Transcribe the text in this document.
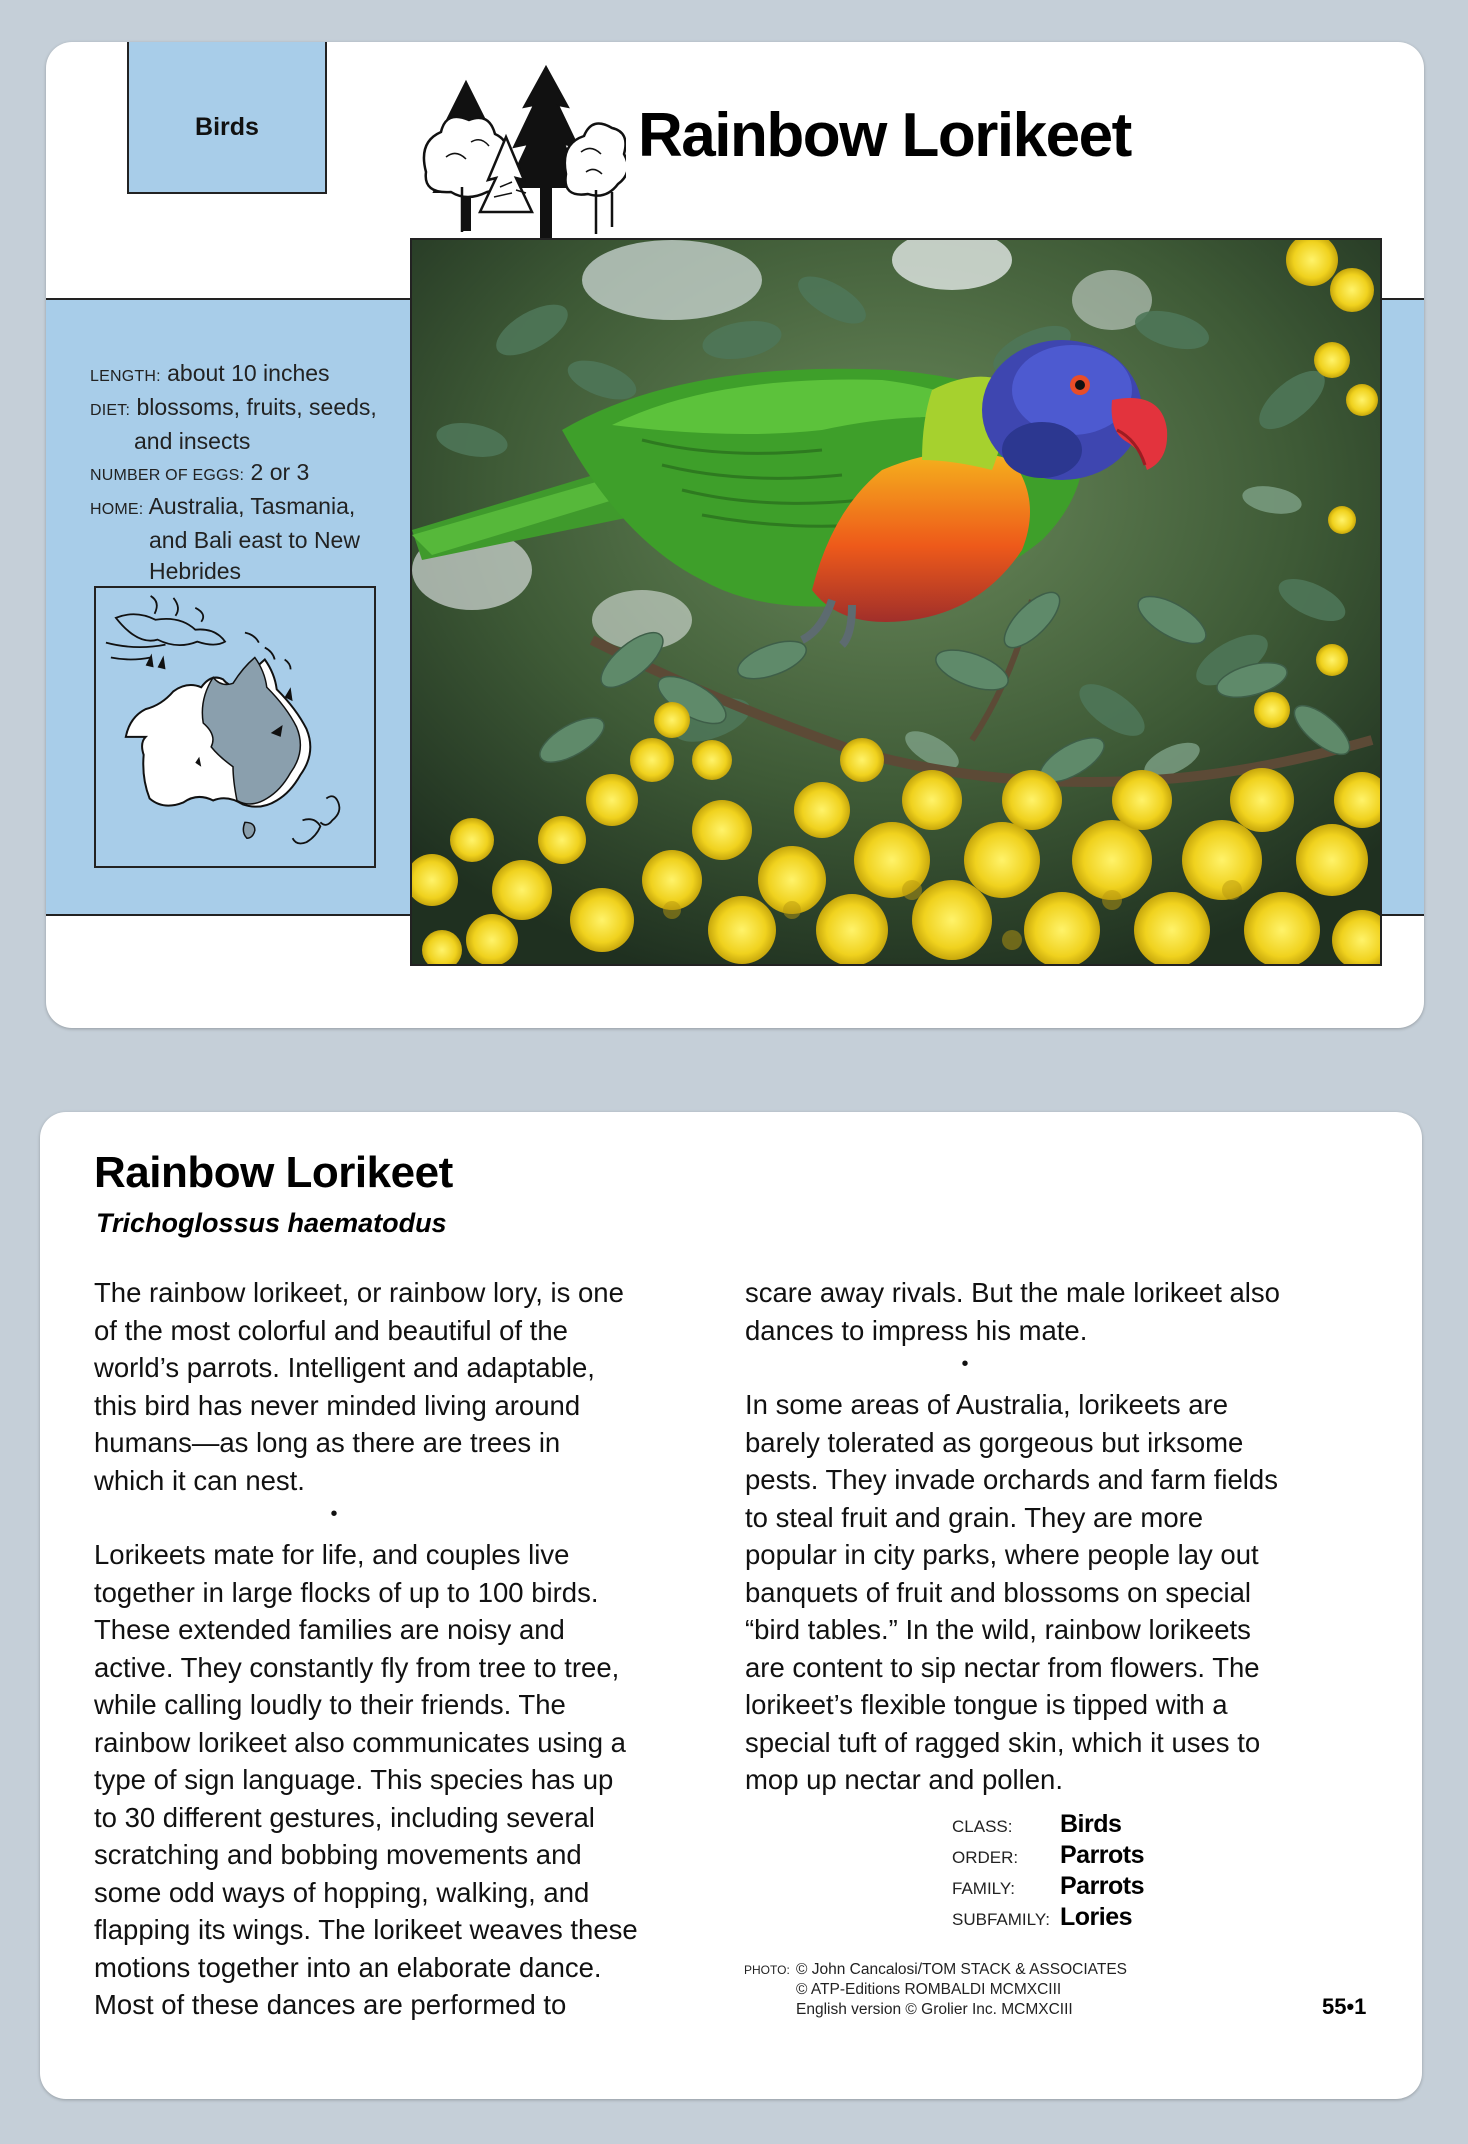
Birds	Rainbow Lorikeet
LENGTH: about 10 inches
DIET: blossoms, fruits, seeds,
and insects
NUMBER OF EGGS: 2 or 3
HOME: Australia, Tasmania,
and Bali east to New
Hebrides
Rainbow Lorikeet
Trichoglossus haematodus

The rainbow lorikeet, or rainbow lory, is one
of the most colorful and beautiful of the
world’s parrots. Intelligent and adaptable,
this bird has never minded living around
humans—as long as there are trees in
which it can nest.

•

Lorikeets mate for life, and couples live
together in large flocks of up to 100 birds.
These extended families are noisy and
active. They constantly fly from tree to tree,
while calling loudly to their friends. The
rainbow lorikeet also communicates using a
type of sign language. This species has up
to 30 different gestures, including several
scratching and bobbing movements and
some odd ways of hopping, walking, and
flapping its wings. The lorikeet weaves these
motions together into an elaborate dance.
Most of these dances are performed to

scare away rivals. But the male lorikeet also
dances to impress his mate.

•

In some areas of Australia, lorikeets are
barely tolerated as gorgeous but irksome
pests. They invade orchards and farm fields
to steal fruit and grain. They are more
popular in city parks, where people lay out
banquets of fruit and blossoms on special
“bird tables.” In the wild, rainbow lorikeets
are content to sip nectar from flowers. The
lorikeet’s flexible tongue is tipped with a
special tuft of ragged skin, which it uses to
mop up nectar and pollen.

CLASS:	Birds
ORDER:	Parrots
FAMILY:	Parrots
SUBFAMILY: Lories
PHOTO: © John Cancalosi/TOM STACK & ASSOCIATES
© ATP-Editions ROMBALDI MCMXCIII
English version © Grolier Inc. MCMXCIII	55•1
